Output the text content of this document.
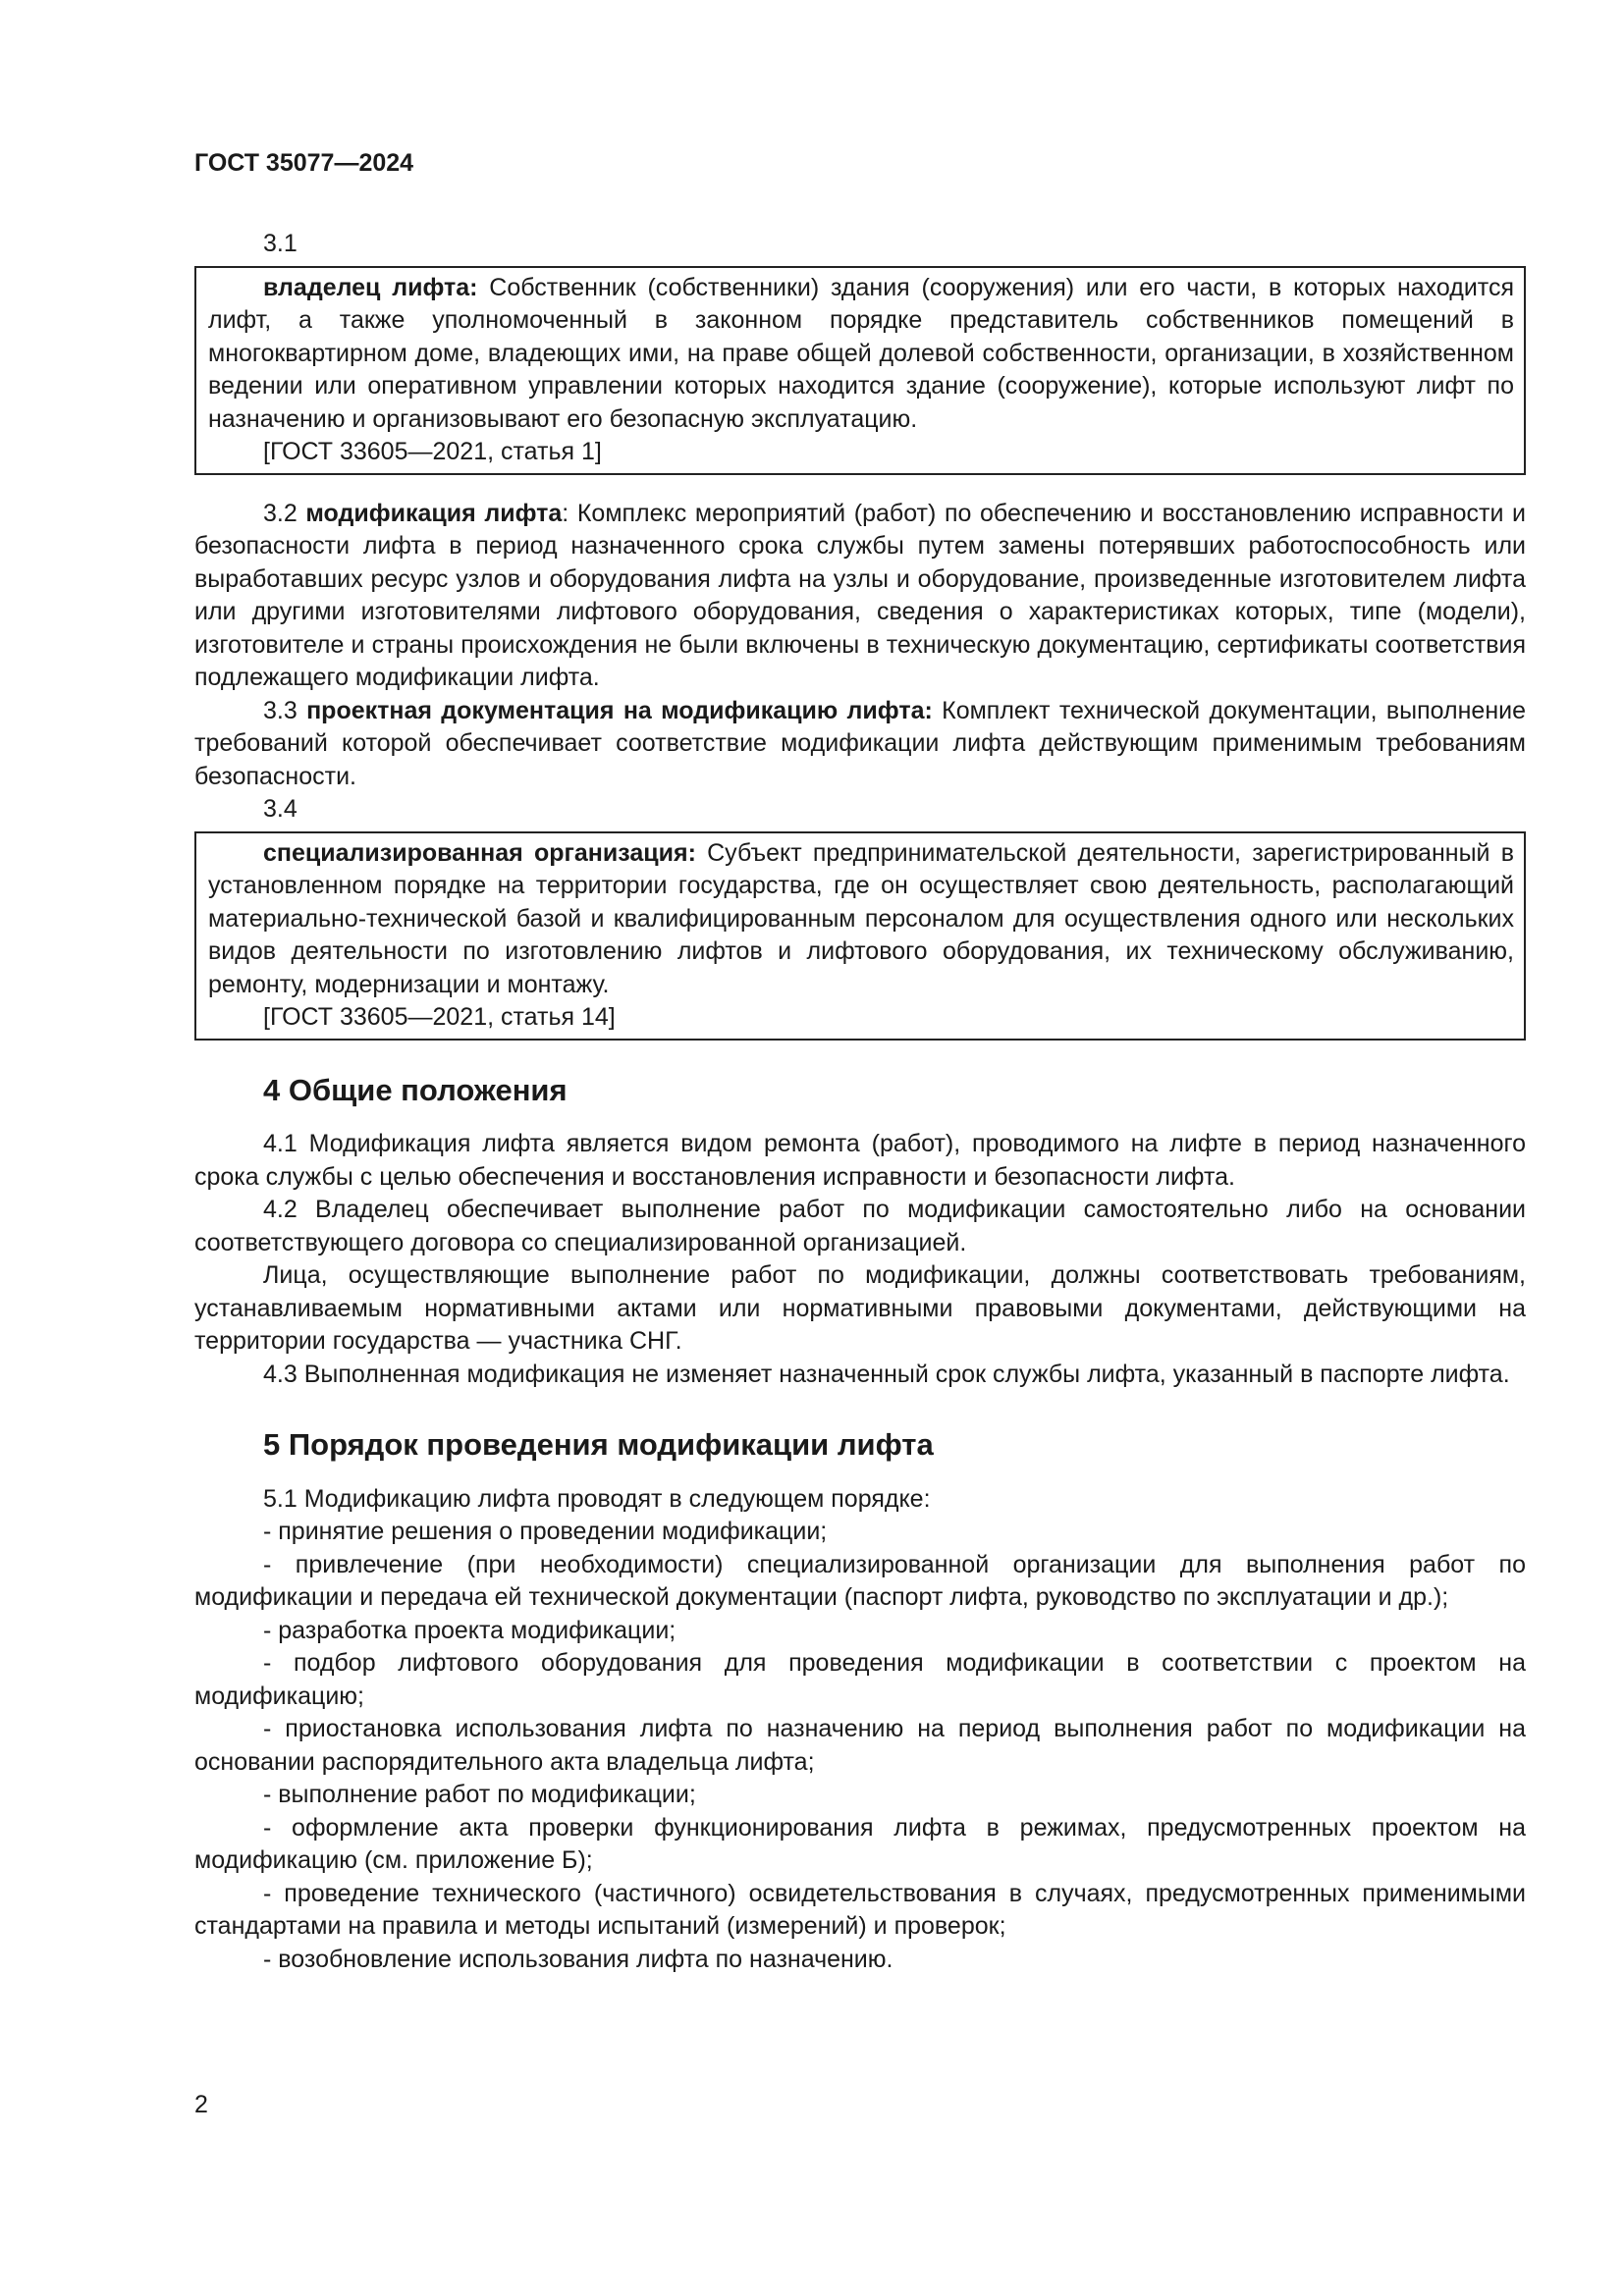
ГОСТ 35077—2024

3.1

владелец лифта: Собственник (собственники) здания (сооружения) или его части, в которых находится лифт, а также уполномоченный в законном порядке представитель собственников помещений в многоквартирном доме, владеющих ими, на праве общей долевой собственности, организации, в хозяйственном ведении или оперативном управлении которых находится здание (сооружение), которые используют лифт по назначению и организовывают его безопасную эксплуатацию.

[ГОСТ 33605—2021, статья 1]

3.2 модификация лифта: Комплекс мероприятий (работ) по обеспечению и восстановлению исправности и безопасности лифта в период назначенного срока службы путем замены потерявших работоспособность или выработавших ресурс узлов и оборудования лифта на узлы и оборудование, произведенные изготовителем лифта или другими изготовителями лифтового оборудования, сведения о характеристиках которых, типе (модели), изготовителе и страны происхождения не были включены в техническую документацию, сертификаты соответствия подлежащего модификации лифта.

3.3 проектная документация на модификацию лифта: Комплект технической документации, выполнение требований которой обеспечивает соответствие модификации лифта действующим применимым требованиям безопасности.

3.4

специализированная организация: Субъект предпринимательской деятельности, зарегистрированный в установленном порядке на территории государства, где он осуществляет свою деятельность, располагающий материально-технической базой и квалифицированным персоналом для осуществления одного или нескольких видов деятельности по изготовлению лифтов и лифтового оборудования, их техническому обслуживанию, ремонту, модернизации и монтажу.

[ГОСТ 33605—2021, статья 14]

4 Общие положения

4.1 Модификация лифта является видом ремонта (работ), проводимого на лифте в период назначенного срока службы с целью обеспечения и восстановления исправности и безопасности лифта.

4.2 Владелец обеспечивает выполнение работ по модификации самостоятельно либо на основании соответствующего договора со специализированной организацией.

Лица, осуществляющие выполнение работ по модификации, должны соответствовать требованиям, устанавливаемым нормативными актами или нормативными правовыми документами, действующими на территории государства — участника СНГ.

4.3 Выполненная модификация не изменяет назначенный срок службы лифта, указанный в паспорте лифта.

5 Порядок проведения модификации лифта

5.1 Модификацию лифта проводят в следующем порядке:

- принятие решения о проведении модификации;

- привлечение (при необходимости) специализированной организации для выполнения работ по модификации и передача ей технической документации (паспорт лифта, руководство по эксплуатации и др.);

- разработка проекта модификации;

- подбор лифтового оборудования для проведения модификации в соответствии с проектом на модификацию;

- приостановка использования лифта по назначению на период выполнения работ по модификации на основании распорядительного акта владельца лифта;

- выполнение работ по модификации;

- оформление акта проверки функционирования лифта в режимах, предусмотренных проектом на модификацию (см. приложение Б);

- проведение технического (частичного) освидетельствования в случаях, предусмотренных применимыми стандартами на правила и методы испытаний (измерений) и проверок;

- возобновление использования лифта по назначению.

2
